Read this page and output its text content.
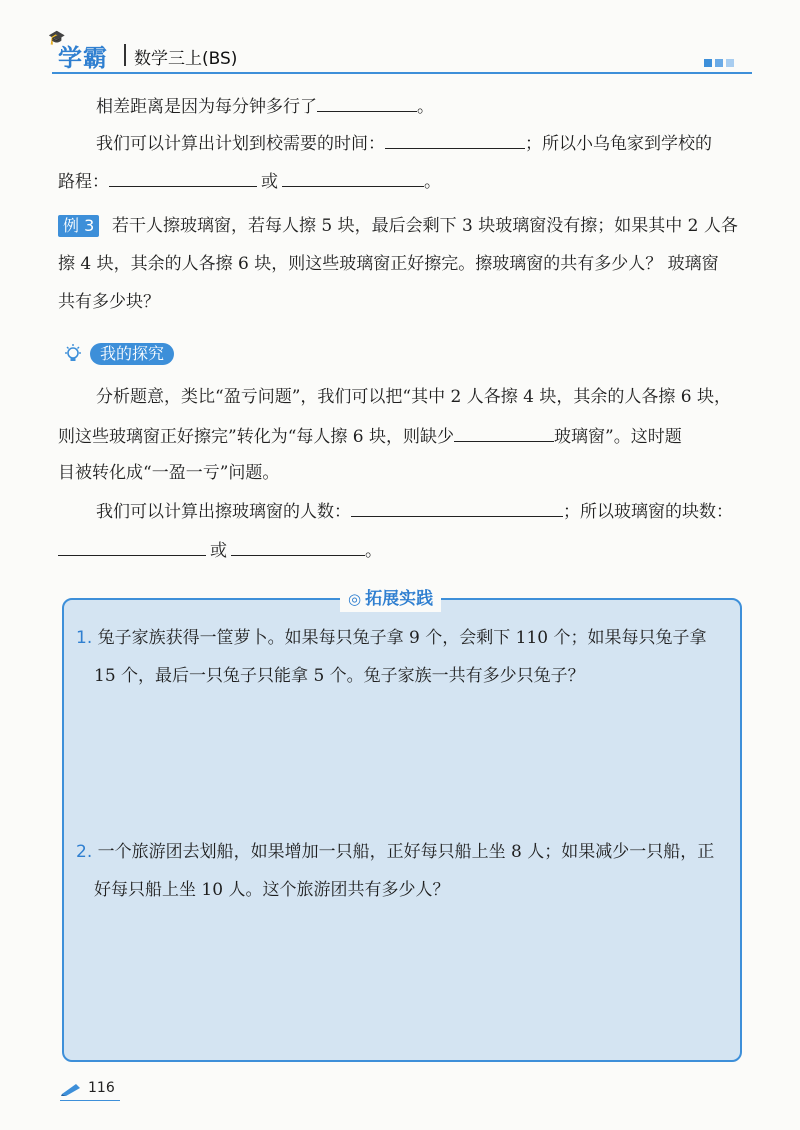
🎓
学霸 数学三上(BS)
相差距离是因为每分钟多行了	。
我们可以计算出计划到校需要的时间：	；所以小乌龟家到学校的
路程：	或	。
例 3 若干人擦玻璃窗，若每人擦 5 块，最后会剩下 3 块玻璃窗没有擦；如果其中 2 人各
擦 4 块，其余的人各擦 6 块，则这些玻璃窗正好擦完。擦玻璃窗的共有多少人？ 玻璃窗
共有多少块？
我的探究
分析题意，类比“盈亏问题”，我们可以把“其中 2 人各擦 4 块，其余的人各擦 6 块，
则这些玻璃窗正好擦完”转化为“每人擦 6 块，则缺少	玻璃窗”。这时题
目被转化成“一盈一亏”问题。
我们可以计算出擦玻璃窗的人数：	；所以玻璃窗的块数：
或	。
◎ 拓展实践
1. 兔子家族获得一筐萝卜。如果每只兔子拿 9 个，会剩下 110 个；如果每只兔子拿
15 个，最后一只兔子只能拿 5 个。兔子家族一共有多少只兔子？
2. 一个旅游团去划船，如果增加一只船，正好每只船上坐 8 人；如果减少一只船，正
好每只船上坐 10 人。这个旅游团共有多少人？
116
